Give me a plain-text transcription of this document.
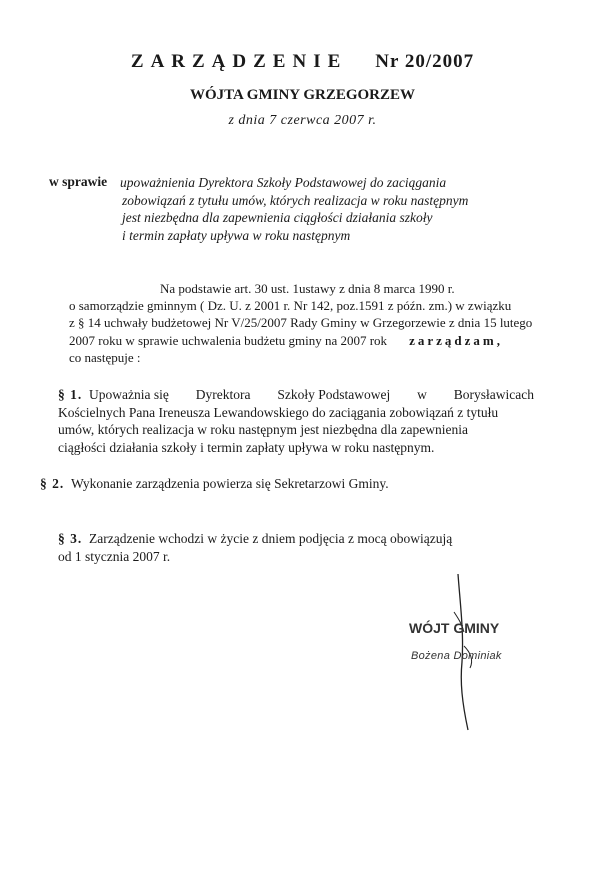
ZARZĄDZENIE Nr 20/2007
WÓJTA GMINY GRZEGORZEW
z dnia 7 czerwca 2007 r.
w sprawie upoważnienia Dyrektora Szkoły Podstawowej do zaciągania
zobowiązań z tytułu umów, których realizacja w roku następnym
jest niezbędna dla zapewnienia ciągłości działania szkoły
i termin zapłaty upływa w roku następnym
Na podstawie art. 30 ust. 1ustawy z dnia 8 marca 1990 r.
o samorządzie gminnym ( Dz. U. z 2001 r. Nr 142, poz.1591 z późn. zm.) w związku
z § 14 uchwały budżetowej Nr V/25/2007 Rady Gminy w Grzegorzewie z dnia 15 lutego
2007 roku w sprawie uchwalenia budżetu gminy na 2007 rok zarządzam,
co następuje :
§ 1. Upoważnia się Dyrektora Szkoły Podstawowej w Borysławicach
Kościelnych Pana Ireneusza Lewandowskiego do zaciągania zobowiązań z tytułu
umów, których realizacja w roku następnym jest niezbędna dla zapewnienia
ciągłości działania szkoły i termin zapłaty upływa w roku następnym.
§ 2. Wykonanie zarządzenia powierza się Sekretarzowi Gminy.
§ 3. Zarządzenie wchodzi w życie z dniem podjęcia z mocą obowiązują
od 1 stycznia 2007 r.
WÓJT GMINY
Bożena Dominiak
